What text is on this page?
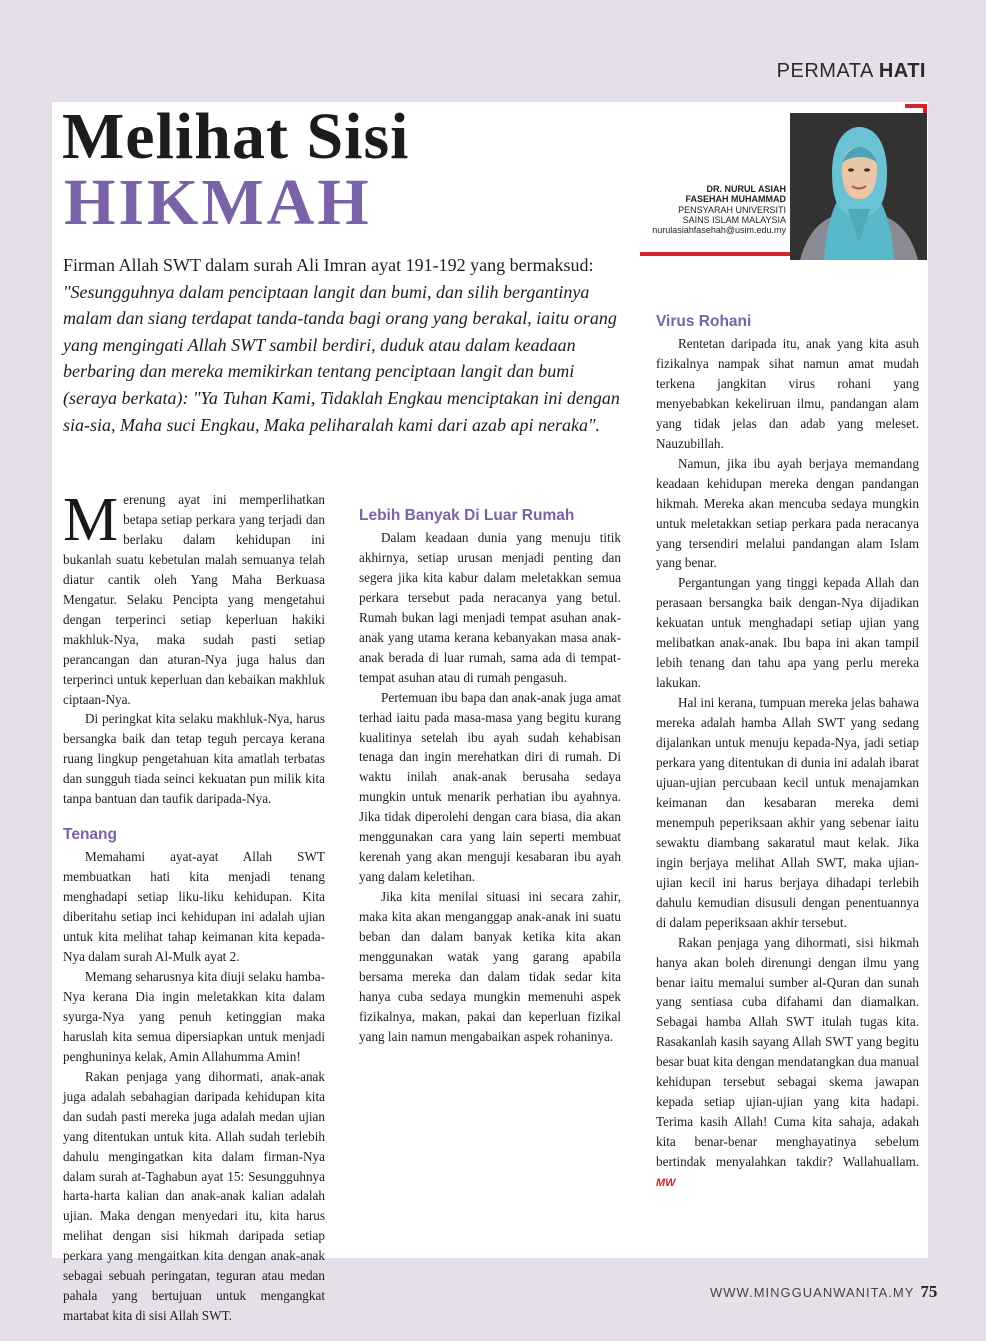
PERMATA HATI
Melihat Sisi
HIKMAH	DR. NURUL ASIAH
FASEHAH MUHAMMAD
PENSYARAH UNIVERSITI
SAINS ISLAM MALAYSIA
nurulasiahfasehah@usim.edu.my
Firman Allah SWT dalam surah Ali Imran ayat 191-192 yang bermaksud:
"Sesungguhnya dalam penciptaan langit dan bumi, dan silih bergantinya malam dan siang terdapat tanda-tanda bagi orang yang berakal, iaitu orang yang mengingati Allah SWT sambil berdiri, duduk atau dalam keadaan berbaring dan mereka memikirkan tentang penciptaan langit dan bumi (seraya berkata): "Ya Tuhan Kami, Tidaklah Engkau menciptakan ini dengan sia-sia, Maha suci Engkau, Maka peliharalah kami dari azab api neraka".

Merenung ayat ini memperlihatkan betapa setiap perkara yang terjadi dan berlaku dalam kehidupan ini bukanlah suatu kebetulan malah semuanya telah diatur cantik oleh Yang Maha Berkuasa Mengatur. Selaku Pencipta yang mengetahui dengan terperinci setiap keperluan hakiki makhluk-Nya, maka sudah pasti setiap perancangan dan aturan-Nya juga halus dan terperinci untuk keperluan dan kebaikan makhluk ciptaan-Nya.

Di peringkat kita selaku makhluk-Nya, harus bersangka baik dan tetap teguh percaya kerana ruang lingkup pengetahuan kita amatlah terbatas dan sungguh tiada seinci kekuatan pun milik kita tanpa bantuan dan taufik daripada-Nya.

Tenang

Memahami ayat-ayat Allah SWT membuatkan hati kita menjadi tenang menghadapi setiap liku-liku kehidupan. Kita diberitahu setiap inci kehidupan ini adalah ujian untuk kita melihat tahap keimanan kita kepada-Nya dalam surah Al-Mulk ayat 2.

Memang seharusnya kita diuji selaku hamba-Nya kerana Dia ingin meletakkan kita dalam syurga-Nya yang penuh ketinggian maka haruslah kita semua dipersiapkan untuk menjadi penghuninya kelak, Amin Allahumma Amin!

Rakan penjaga yang dihormati, anak-anak juga adalah sebahagian daripada kehidupan kita dan sudah pasti mereka juga adalah medan ujian yang ditentukan untuk kita. Allah sudah terlebih dahulu mengingatkan kita dalam firman-Nya dalam surah at-Taghabun ayat 15: Sesungguhnya harta-harta kalian dan anak-anak kalian adalah ujian. Maka dengan menyedari itu, kita harus melihat dengan sisi hikmah daripada setiap perkara yang mengaitkan kita dengan anak-anak sebagai sebuah peringatan, teguran atau medan pahala yang bertujuan untuk mengangkat martabat kita di sisi Allah SWT.

Lebih Banyak Di Luar Rumah

Dalam keadaan dunia yang menuju titik akhirnya, setiap urusan menjadi penting dan segera jika kita kabur dalam meletakkan semua perkara tersebut pada neracanya yang betul. Rumah bukan lagi menjadi tempat asuhan anak-anak yang utama kerana kebanyakan masa anak-anak berada di luar rumah, sama ada di tempat-tempat asuhan atau di rumah pengasuh.

Pertemuan ibu bapa dan anak-anak juga amat terhad iaitu pada masa-masa yang begitu kurang kualitinya setelah ibu ayah sudah kehabisan tenaga dan ingin merehatkan diri di rumah. Di waktu inilah anak-anak berusaha sedaya mungkin untuk menarik perhatian ibu ayahnya. Jika tidak diperolehi dengan cara biasa, dia akan menggunakan cara yang lain seperti membuat kerenah yang akan menguji kesabaran ibu ayah yang dalam keletihan.

Jika kita menilai situasi ini secara zahir, maka kita akan menganggap anak-anak ini suatu beban dan dalam banyak ketika kita akan menggunakan watak yang garang apabila bersama mereka dan dalam tidak sedar kita hanya cuba sedaya mungkin memenuhi aspek fizikalnya, makan, pakai dan keperluan fizikal yang lain namun mengabaikan aspek rohaninya.

Virus Rohani

Rentetan daripada itu, anak yang kita asuh fizikalnya nampak sihat namun amat mudah terkena jangkitan virus rohani yang menyebabkan kekeliruan ilmu, pandangan alam yang tidak jelas dan adab yang meleset. Nauzubillah.

Namun, jika ibu ayah berjaya memandang keadaan kehidupan mereka dengan pandangan hikmah. Mereka akan mencuba sedaya mungkin untuk meletakkan setiap perkara pada neracanya yang tersendiri melalui pandangan alam Islam yang benar.

Pergantungan yang tinggi kepada Allah dan perasaan bersangka baik dengan-Nya dijadikan kekuatan untuk menghadapi setiap ujian yang melibatkan anak-anak. Ibu bapa ini akan tampil lebih tenang dan tahu apa yang perlu mereka lakukan.

Hal ini kerana, tumpuan mereka jelas bahawa mereka adalah hamba Allah SWT yang sedang dijalankan untuk menuju kepada-Nya, jadi setiap perkara yang ditentukan di dunia ini adalah ibarat ujuan-ujian percubaan kecil untuk menajamkan keimanan dan kesabaran mereka demi menempuh peperiksaan akhir yang sebenar iaitu sewaktu diambang sakaratul maut kelak. Jika ingin berjaya melihat Allah SWT, maka ujian-ujian kecil ini harus berjaya dihadapi terlebih dahulu kemudian disusuli dengan penentuannya di dalam peperiksaan akhir tersebut.

Rakan penjaga yang dihormati, sisi hikmah hanya akan boleh direnungi dengan ilmu yang benar iaitu memalui sumber al-Quran dan sunah yang sentiasa cuba difahami dan diamalkan. Sebagai hamba Allah SWT itulah tugas kita. Rasakanlah kasih sayang Allah SWT yang begitu besar buat kita dengan mendatangkan dua manual kehidupan tersebut sebagai skema jawapan kepada setiap ujian-ujian yang kita hadapi. Terima kasih Allah! Cuma kita sahaja, adakah kita benar-benar menghayatinya sebelum bertindak menyalahkan takdir? Wallahuallam. MW

WWW.MINGGUANWANITA.MY 75
